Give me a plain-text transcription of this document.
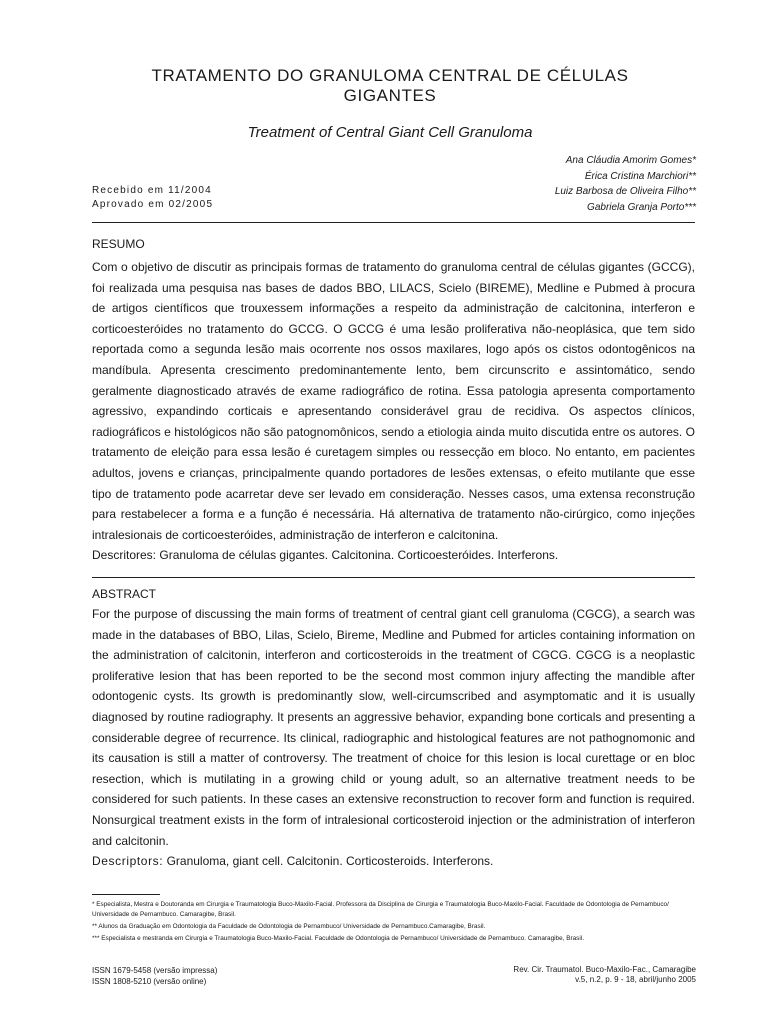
TRATAMENTO DO GRANULOMA CENTRAL DE CÉLULAS
GIGANTES
Treatment of Central Giant Cell Granuloma
Ana Cláudia Amorim Gomes*
Érica Cristina Marchiori**
Luiz Barbosa de Oliveira Filho**
Gabriela Granja Porto***
Recebido em 11/2004
Aprovado em 02/2005
RESUMO

Com o objetivo de discutir as principais formas de tratamento do granuloma central de células gigantes (GCCG), foi realizada uma pesquisa nas bases de dados BBO, LILACS, Scielo (BIREME), Medline e Pubmed à procura de artigos científicos que trouxessem informações a respeito da administração de calcitonina, interferon e corticoesteróides no tratamento do GCCG. O GCCG é uma lesão proliferativa não-neoplásica, que tem sido reportada como a segunda lesão mais ocorrente nos ossos maxilares, logo após os cistos odontogênicos na mandíbula. Apresenta crescimento predominantemente lento, bem circunscrito e assintomático, sendo geralmente diagnosticado através de exame radiográfico de rotina. Essa patologia apresenta comportamento agressivo, expandindo corticais e apresentando considerável grau de recidiva. Os aspectos clínicos, radiográficos e histológicos não são patognomônicos, sendo a etiologia ainda muito discutida entre os autores. O tratamento de eleição para essa lesão é curetagem simples ou ressecção em bloco. No entanto, em pacientes adultos, jovens e crianças, principalmente quando portadores de lesões extensas, o efeito mutilante que esse tipo de tratamento pode acarretar deve ser levado em consideração. Nesses casos, uma extensa reconstrução para restabelecer a forma e a função é necessária. Há alternativa de tratamento não-cirúrgico, como injeções intralesionais de corticoesteróides, administração de interferon e calcitonina.

Descritores: Granuloma de células gigantes. Calcitonina. Corticoesteróides. Interferons.

ABSTRACT

For the purpose of discussing the main forms of treatment of central giant cell granuloma (CGCG), a search was made in the databases of BBO, Lilas, Scielo, Bireme, Medline and Pubmed for articles containing information on the administration of calcitonin, interferon and corticosteroids in the treatment of CGCG. CGCG is a neoplastic proliferative lesion that has been reported to be the second most common injury affecting the mandible after odontogenic cysts. Its growth is predominantly slow, well-circumscribed and asymptomatic and it is usually diagnosed by routine radiography. It presents an aggressive behavior, expanding bone corticals and presenting a considerable degree of recurrence. Its clinical, radiographic and histological features are not pathognomonic and its causation is still a matter of controversy. The treatment of choice for this lesion is local curettage or en bloc resection, which is mutilating in a growing child or young adult, so an alternative treatment needs to be considered for such patients. In these cases an extensive reconstruction to recover form and function is required. Nonsurgical treatment exists in the form of intralesional corticosteroid injection or the administration of interferon and calcitonin.

Descriptors: Granuloma, giant cell. Calcitonin. Corticosteroids. Interferons.

* Especialista, Mestra e Doutoranda em Cirurgia e Traumatologia Buco-Maxilo-Facial. Professora da Disciplina de Cirurgia e Traumatologia Buco-Maxilo-Facial. Faculdade de Odontologia de Pernambuco/ Universidade de Pernambuco. Camaragibe, Brasil.
** Alunos da Graduação em Odontologia da Faculdade de Odontologia de Pernambuco/ Universidade de Pernambuco.Camaragibe, Brasil.
*** Especialista e mestranda em Cirurgia e Traumatologia Buco-Maxilo-Facial. Faculdade de Odontologia de Pernambuco/ Universidade de Pernambuco. Camaragibe, Brasil.
ISSN 1679-5458 (versão impressa)
ISSN 1808-5210 (versão online)
Rev. Cir. Traumatol. Buco-Maxilo-Fac., Camaragibe
v.5, n.2, p. 9 - 18, abril/junho 2005
